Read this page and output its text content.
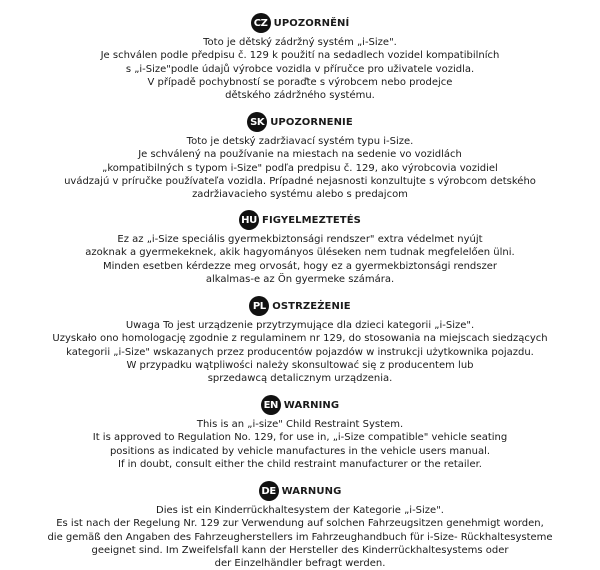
CZ UPOZORNĚNÍ
Toto je dětský zádržný systém „i-Size".
Je schválen podle předpisu č. 129 k použití na sedadlech vozidel kompatibilních
s „i-Size"podle údajů výrobce vozidla v příručce pro uživatele vozidla.
V případě pochybností se poraďte s výrobcem nebo prodejce
dětského zádržného systému.
SK UPOZORNENIE
Toto je detský zadržiavací systém typu i-Size.
Je schválený na používanie na miestach na sedenie vo vozidlách
„kompatibilných s typom i-Size" podľa predpisu č. 129, ako výrobcovia vozidiel
uvádzajú v príručke používateľa vozidla. Prípadné nejasnosti konzultujte s výrobcom detského
zadržiavacieho systému alebo s predajcom
HU FIGYELMEZTETÉS
Ez az „i-Size speciális gyermekbiztonsági rendszer" extra védelmet nyújt
azoknak a gyermekeknek, akik hagyományos üléseken nem tudnak megfelelően ülni.
Minden esetben kérdezze meg orvosát, hogy ez a gyermekbiztonsági rendszer
alkalmas-e az Ön gyermeke számára.
PL OSTRZEŻENIE
Uwaga To jest urządzenie przytrzymujące dla dzieci kategorii „i-Size".
Uzyskało ono homologację zgodnie z regulaminem nr 129, do stosowania na miejscach siedzących
kategorii „i-Size" wskazanych przez producentów pojazdów w instrukcji użytkownika pojazdu.
W przypadku wątpliwości należy skonsultować się z producentem lub
sprzedawcą detalicznym urządzenia.
EN WARNING
This is an „i-size" Child Restraint System.
It is approved to Regulation No. 129, for use in, „i-Size compatible" vehicle seating
positions as indicated by vehicle manufactures in the vehicle users manual.
If in doubt, consult either the child restraint manufacturer or the retailer.
DE WARNUNG
Dies ist ein Kinderrückhaltesystem der Kategorie „i-Size".
Es ist nach der Regelung Nr. 129 zur Verwendung auf solchen Fahrzeugsitzen genehmigt worden,
die gemäß den Angaben des Fahrzeugherstellers im Fahrzeughandbuch für i-Size- Rückhaltesysteme
geeignet sind. Im Zweifelsfall kann der Hersteller des Kinderrückhaltesystems oder
der Einzelhändler befragt werden.
